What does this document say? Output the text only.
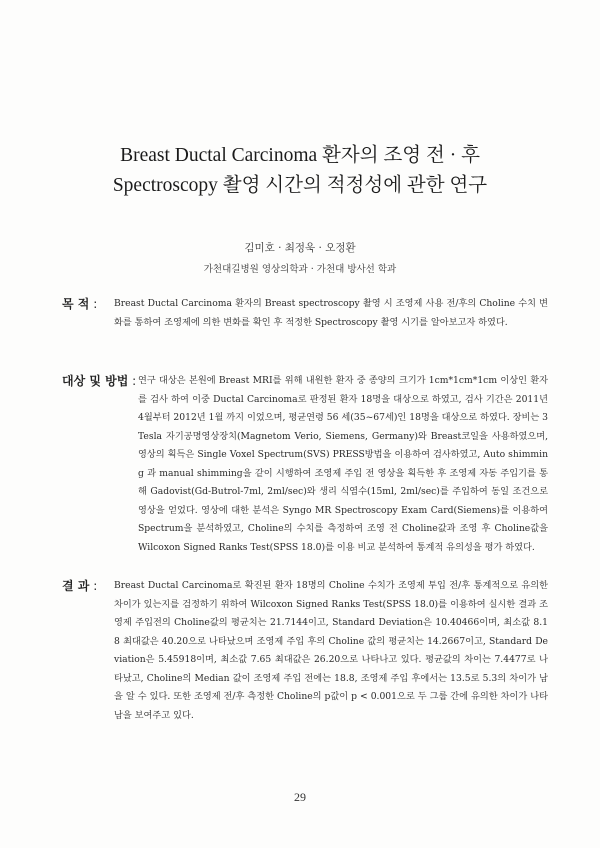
Breast Ductal Carcinoma 환자의 조영 전 · 후
Spectroscopy 촬영 시간의 적정성에 관한 연구
김미호 · 최정욱 · 오정환
가천대길병원 영상의학과 · 가천대 방사선 학과
목 적 : Breast Ductal Carcinoma 환자의 Breast spectroscopy 촬영 시 조영제 사용 전/후의 Choline 수치 변화를 통하여 조영제에 의한 변화를 확인 후 적정한 Spectroscopy 촬영 시기를 알아보고자 하였다.
대상 및 방법 : 연구 대상은 본원에 Breast MRI를 위해 내원한 환자 중 종양의 크기가 1cm*1cm*1cm 이상인 환자를 검사 하여 이중 Ductal Carcinoma로 판정된 환자 18명을 대상으로 하였고, 검사 기간은 2011년 4월부터 2012년 1월 까지 이었으며, 평균연령 56 세(35~67세)인 18명을 대상으로 하였다. 장비는 3Tesla 자기공명영상장치(Magnetom Verio, Siemens, Germany)와 Breast코일을 사용하였으며, 영상의 획득은 Single Voxel Spectrum(SVS) PRESS방법을 이용하여 검사하였고, Auto shimming 과 manual shimming을 같이 시행하여 조영제 주입 전 영상을 획득한 후 조영제 자동 주입기를 통해 Gadovist(Gd-Butrol-7ml, 2ml/sec)와 생리 식염수(15ml, 2ml/sec)를 주입하여 동일 조건으로 영상을 얻었다. 영상에 대한 분석은 Syngo MR Spectroscopy Exam Card(Siemens)를 이용하여 Spectrum을 분석하였고, Choline의 수치를 측정하여 조영 전 Choline값과 조영 후 Choline값을 Wilcoxon Signed Ranks Test(SPSS 18.0)를 이용 비교 분석하여 통계적 유의성을 평가 하였다.
결 과 : Breast Ductal Carcinoma로 확진된 환자 18명의 Choline 수치가 조영제 투입 전/후 통계적으로 유의한 차이가 있는지를 검정하기 위하여 Wilcoxon Signed Ranks Test(SPSS 18.0)를 이용하여 실시한 결과 조영제 주입전의 Choline값의 평균치는 21.7144이고, Standard Deviation은 10.40466이며, 최소값 8.18 최대값은 40.20으로 나타났으며 조영제 주입 후의 Choline 값의 평균치는 14.2667이고, Standard Deviation은 5.45918이며, 최소값 7.65 최대값은 26.20으로 나타나고 있다. 평균값의 차이는 7.4477로 나타났고, Choline의 Median 값이 조영제 주입 전에는 18.8, 조영제 주입 후에서는 13.5로 5.3의 차이가 남을 알 수 있다. 또한 조영제 전/후 측정한 Choline의 p값이 p < 0.001으로 두 그룹 간에 유의한 차이가 나타남을 보여주고 있다.
29
